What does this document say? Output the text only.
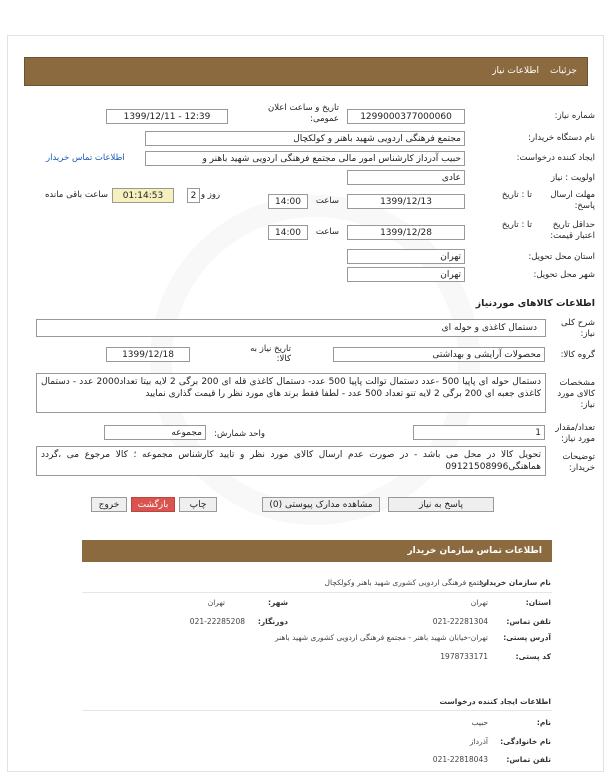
جزئیات
اطلاعات نیاز
شماره نیاز:
1299000377000060
تاریخ و ساعت اعلان عمومی:
1399/12/11 - 12:39
نام دستگاه خریدار:
مجتمع فرهنگی اردویی شهید باهنر و کولکچال
ایجاد کننده درخواست:
حبیب آدرداز کارشناس امور مالی مجتمع فرهنگی اردویی شهید باهنر و
اطلاعات تماس خریدار
اولویت : نیاز
عادی
مهلت ارسال پاسخ:
تا : تاریخ
1399/12/13
ساعت
14:00
2 روز و
01:14:53
ساعت باقی مانده
حداقل تاریخ اعتبار قیمت:
تا : تاریخ
1399/12/28
ساعت
14:00
استان محل تحویل:
تهران
شهر محل تحویل:
تهران
اطلاعات کالاهای موردنیاز
شرح کلی نیاز:
دستمال کاغذی و حوله ای
گروه کالا:
محصولات آرایشی و بهداشتی
تاریخ نیاز به کالا:
1399/12/18
مشخصات کالای مورد نیاز:
دستمال حوله ای پاپیا 500 -عدد دستمال توالت پاپیا 500 عدد- دستمال کاغذی قله ای 200 برگی 2 لایه بیتا تعداد2000 عدد - دستمال کاغذی جعبه ای 200 برگی 2 لایه تنو تعداد 500 عدد - لطفا فقط برند های مورد نظر را قیمت گذاری نمایید
تعداد/مقدار مورد نیاز:
1
واحد شمارش:
مجموعه
توضیحات خریدار:
تحویل کالا در محل می باشد - در صورت عدم ارسال کالای مورد نظر و تایید کارشناس مجموعه ؛ کالا مرجوع می ،گردد هماهنگی09121508996
پاسخ به نیاز
مشاهده مدارک پیوستی (0)
چاپ
بازگشت
خروج
اطلاعات تماس سازمان خریدار
نام سازمان خریدار:
مجتمع فرهنگی اردویی کشوری شهید باهنر وکولکچال
استان:
تهران
شهر:
تهران
تلفن تماس:
021-22281304
دورنگار:
021-22285208
آدرس پستی:
تهران-خیابان شهید باهنر - مجتمع فرهنگی اردویی کشوری شهید باهنر
کد پستی:
1978733171
اطلاعات ایجاد کننده درخواست
نام:
حبیب
نام خانوادگی:
آذرداز
تلفن تماس:
021-22818043
